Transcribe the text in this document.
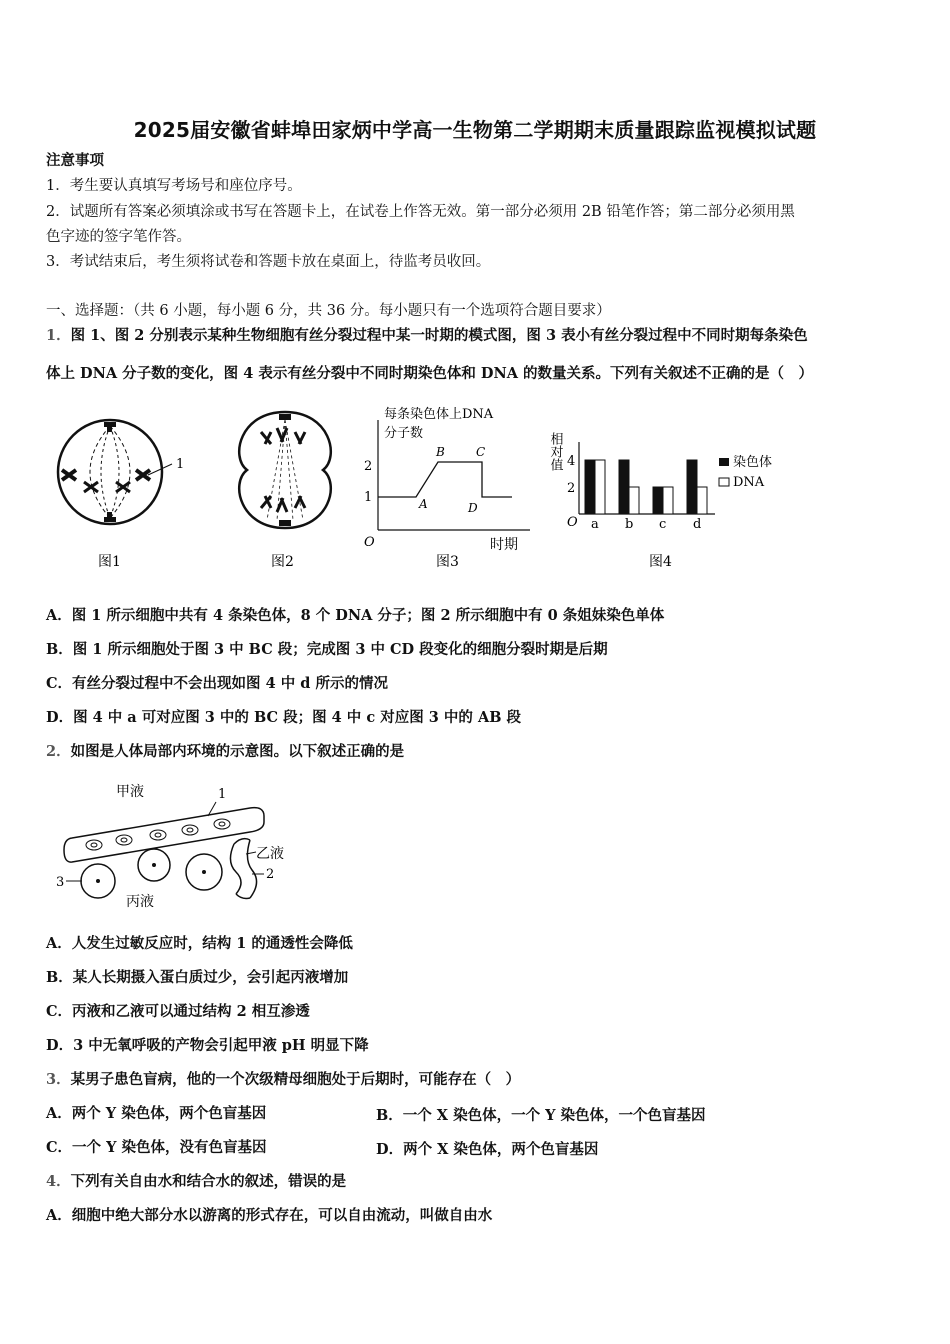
2025届安徽省蚌埠田家炳中学高一生物第二学期期末质量跟踪监视模拟试题
注意事项
1．考生要认真填写考场号和座位序号。
2．试题所有答案必须填涂或书写在答题卡上，在试卷上作答无效。第一部分必须用 2B 铅笔作答；第二部分必须用黑
色字迹的签字笔作答。
3．考试结束后，考生须将试卷和答题卡放在桌面上，待监考员收回。
一、选择题：（共 6 小题，每小题 6 分，共 36 分。每小题只有一个选项符合题目要求）
1．图 1、图 2 分别表示某种生物细胞有丝分裂过程中某一时期的模式图，图 3 表小有丝分裂过程中不同时期每条染色
体上 DNA 分子数的变化，图 4 表示有丝分裂中不同时期染色体和 DNA 的数量关系。下列有关叙述不正确的是（　）
1
图1	图2
每条染色体上DNA
分子数
O
1
2
A
B	C
D
时期
图3
相对值
O
2
4
a b c d
染色体
DNA
图4
A．图 1 所示细胞中共有 4 条染色体，8 个 DNA 分子；图 2 所示细胞中有 0 条姐妹染色单体
B．图 1 所示细胞处于图 3 中 BC 段；完成图 3 中 CD 段变化的细胞分裂时期是后期
C．有丝分裂过程中不会出现如图 4 中 d 所示的情况
D．图 4 中 a 可对应图 3 中的 BC 段；图 4 中 c 对应图 3 中的 AB 段
2．如图是人体局部内环境的示意图。以下叙述正确的是
甲液	1
乙液
2
3
丙液
A．人发生过敏反应时，结构 1 的通透性会降低
B．某人长期摄入蛋白质过少，会引起丙液增加
C．丙液和乙液可以通过结构 2 相互渗透
D．3 中无氧呼吸的产物会引起甲液 pH 明显下降
3．某男子患色盲病，他的一个次级精母细胞处于后期时，可能存在（　）
A．两个 Y 染色体，两个色盲基因	B．一个 X 染色体，一个 Y 染色体，一个色盲基因
C．一个 Y 染色体，没有色盲基因	D．两个 X 染色体，两个色盲基因
4．下列有关自由水和结合水的叙述，错误的是
A．细胞中绝大部分水以游离的形式存在，可以自由流动，叫做自由水
